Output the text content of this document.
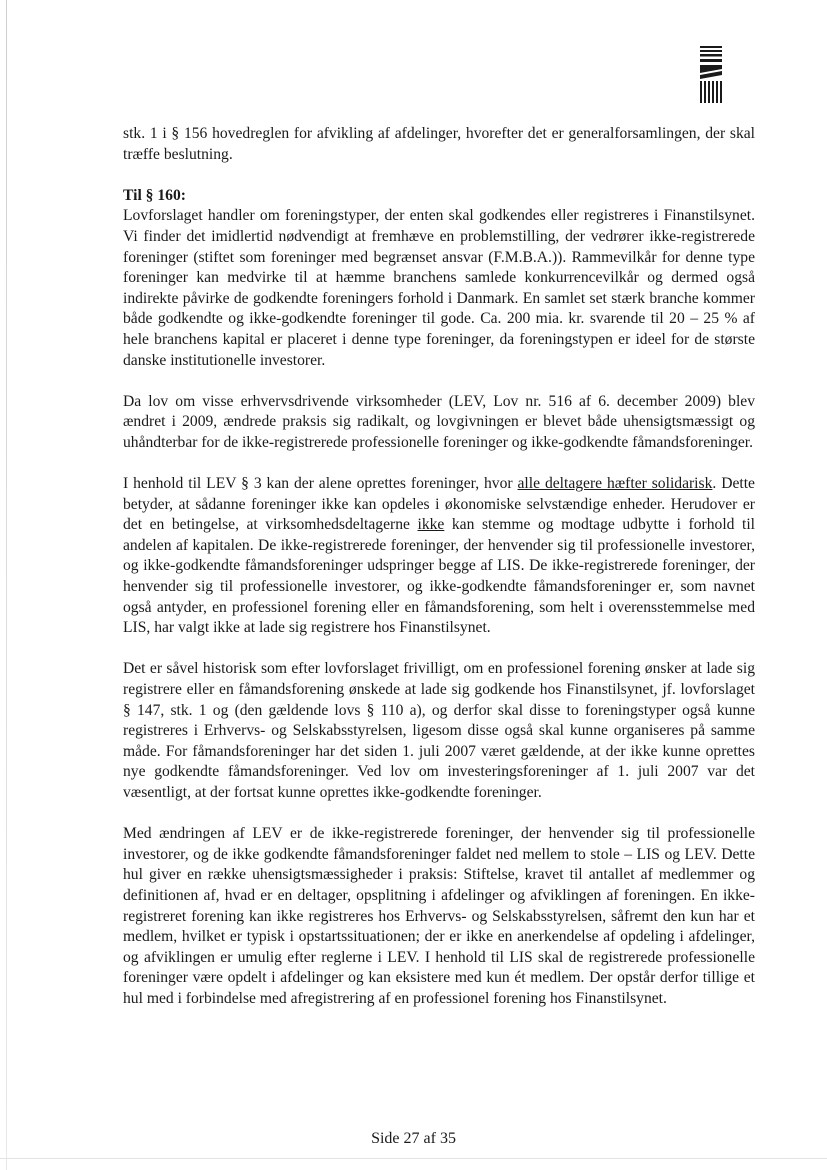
stk. 1 i § 156 hovedreglen for afvikling af afdelinger, hvorefter det er generalforsamlingen, der skal træffe beslutning.

Til § 160:
Lovforslaget handler om foreningstyper, der enten skal godkendes eller registreres i Finanstilsynet. Vi finder det imidlertid nødvendigt at fremhæve en problemstilling, der vedrører ikke-registrerede foreninger (stiftet som foreninger med begrænset ansvar (F.M.B.A.)). Rammevilkår for denne type foreninger kan medvirke til at hæmme branchens samlede konkurrencevilkår og dermed også indirekte påvirke de godkendte foreningers forhold i Danmark. En samlet set stærk branche kommer både godkendte og ikke-godkendte foreninger til gode. Ca. 200 mia. kr. svarende til 20 – 25 % af hele branchens kapital er placeret i denne type foreninger, da foreningstypen er ideel for de største danske institutionelle investorer.

Da lov om visse erhvervsdrivende virksomheder (LEV, Lov nr. 516 af 6. december 2009) blev ændret i 2009, ændrede praksis sig radikalt, og lovgivningen er blevet både uhensigtsmæssigt og uhåndterbar for de ikke-registrerede professionelle foreninger og ikke-godkendte fåmandsforeninger.

I henhold til LEV § 3 kan der alene oprettes foreninger, hvor alle deltagere hæfter solidarisk. Dette betyder, at sådanne foreninger ikke kan opdeles i økonomiske selvstændige enheder. Herudover er det en betingelse, at virksomhedsdeltagerne ikke kan stemme og modtage udbytte i forhold til andelen af kapitalen. De ikke-registrerede foreninger, der henvender sig til professionelle investorer, og ikke-godkendte fåmandsforeninger udspringer begge af LIS. De ikke-registrerede foreninger, der henvender sig til professionelle investorer, og ikke-godkendte fåmandsforeninger er, som navnet også antyder, en professionel forening eller en fåmandsforening, som helt i overensstemmelse med LIS, har valgt ikke at lade sig registrere hos Finanstilsynet.

Det er såvel historisk som efter lovforslaget frivilligt, om en professionel forening ønsker at lade sig registrere eller en fåmandsforening ønskede at lade sig godkende hos Finanstilsynet, jf. lovforslaget § 147, stk. 1 og (den gældende lovs § 110 a), og derfor skal disse to foreningstyper også kunne registreres i Erhvervs- og Selskabsstyrelsen, ligesom disse også skal kunne organiseres på samme måde. For fåmandsforeninger har det siden 1. juli 2007 været gældende, at der ikke kunne oprettes nye godkendte fåmandsforeninger. Ved lov om investeringsforeninger af 1. juli 2007 var det væsentligt, at der fortsat kunne oprettes ikke-godkendte foreninger.

Med ændringen af LEV er de ikke-registrerede foreninger, der henvender sig til professionelle investorer, og de ikke godkendte fåmandsforeninger faldet ned mellem to stole – LIS og LEV. Dette hul giver en række uhensigtsmæssigheder i praksis: Stiftelse, kravet til antallet af medlemmer og definitionen af, hvad er en deltager, opsplitning i afdelinger og afviklingen af foreningen. En ikke-registreret forening kan ikke registreres hos Erhvervs- og Selskabsstyrelsen, såfremt den kun har et medlem, hvilket er typisk i opstartssituationen; der er ikke en anerkendelse af opdeling i afdelinger, og afviklingen er umulig efter reglerne i LEV. I henhold til LIS skal de registrerede professionelle foreninger være opdelt i afdelinger og kan eksistere med kun ét medlem. Der opstår derfor tillige et hul med i forbindelse med afregistrering af en professionel forening hos Finanstilsynet.

Side 27 af 35
